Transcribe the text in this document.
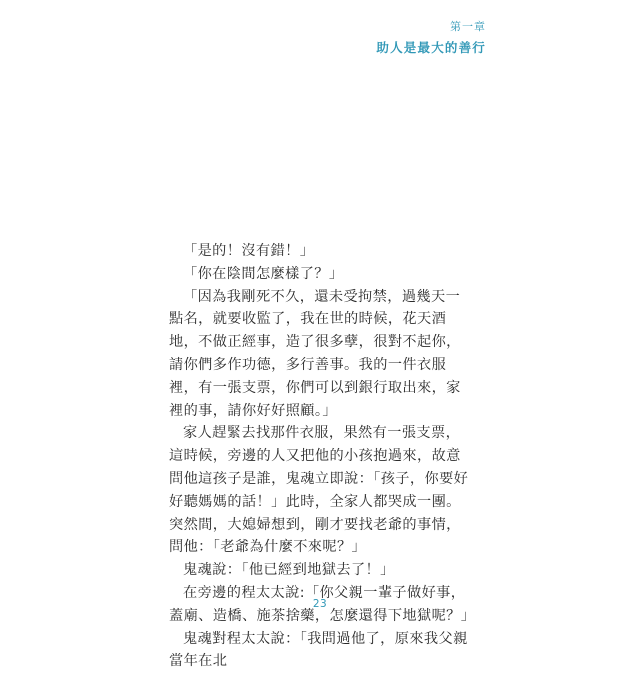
第一章
助人是最大的善行

「是的！沒有錯！」

「你在陰間怎麼樣了？」

「因為我剛死不久，還未受拘禁，過幾天一點名，就要收監了，我在世的時候，花天酒地，不做正經事，造了很多孽，很對不起你，請你們多作功德，多行善事。我的一件衣服裡，有一張支票，你們可以到銀行取出來，家裡的事，請你好好照顧。」

家人趕緊去找那件衣服，果然有一張支票，這時候，旁邊的人又把他的小孩抱過來，故意問他這孩子是誰，鬼魂立即說：「孩子，你要好好聽媽媽的話！」此時，全家人都哭成一團。突然間，大媳婦想到，剛才要找老爺的事情，問他：「老爺為什麼不來呢？」

鬼魂說：「他已經到地獄去了！」

在旁邊的程太太說:「你父親一輩子做好事，蓋廟、造橋、施茶捨藥，怎麼還得下地獄呢？」

鬼魂對程太太說：「我問過他了，原來我父親當年在北

23
